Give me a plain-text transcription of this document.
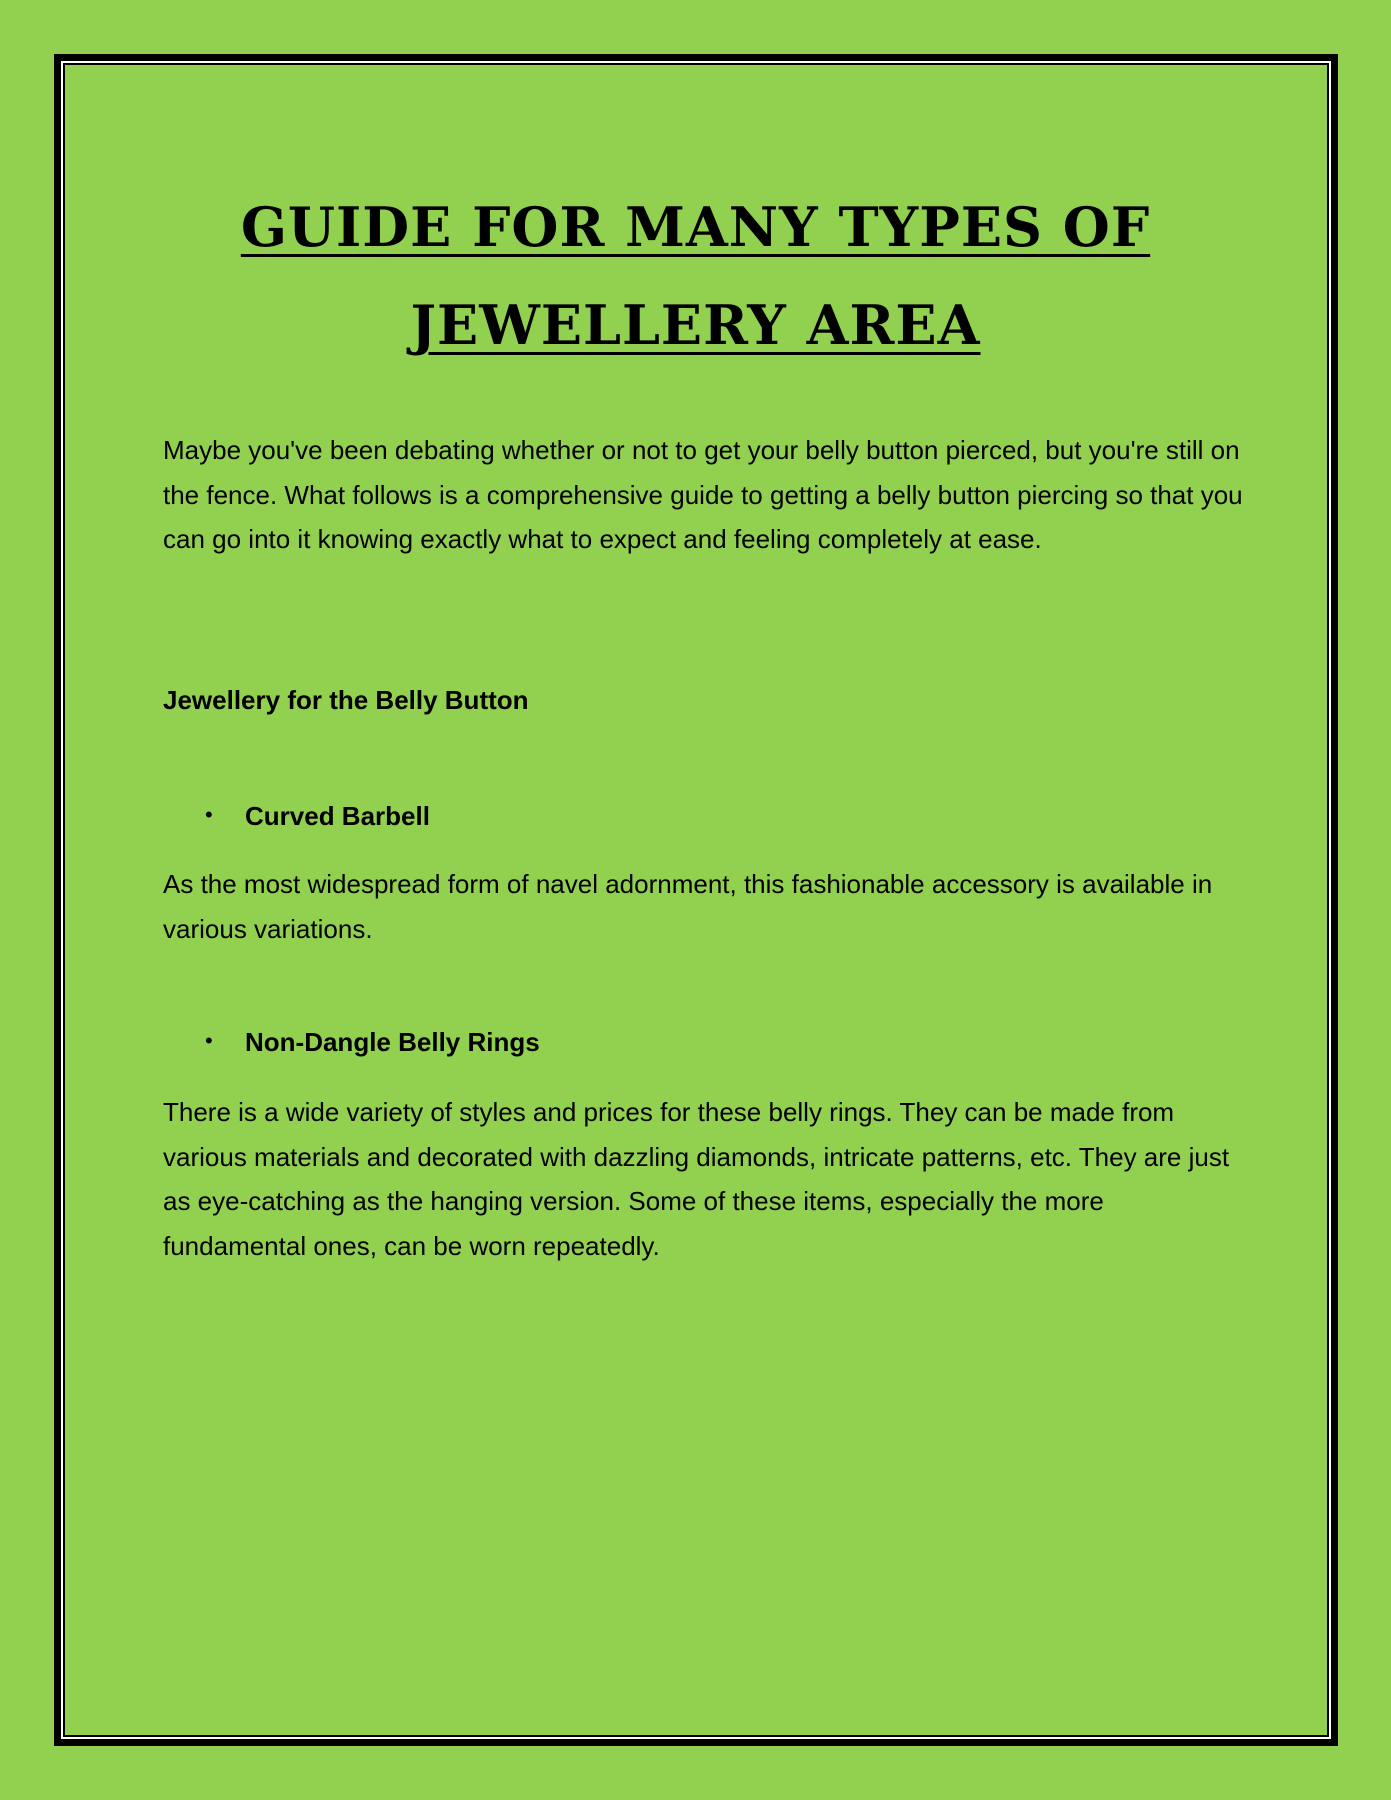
GUIDE FOR MANY TYPES OF
JEWELLERY AREA

Maybe you've been debating whether or not to get your belly button pierced, but you're still on the fence. What follows is a comprehensive guide to getting a belly button piercing so that you can go into it knowing exactly what to expect and feeling completely at ease.

Jewellery for the Belly Button

• Curved Barbell

As the most widespread form of navel adornment, this fashionable accessory is available in various variations.

• Non-Dangle Belly Rings

There is a wide variety of styles and prices for these belly rings. They can be made from various materials and decorated with dazzling diamonds, intricate patterns, etc. They are just as eye-catching as the hanging version. Some of these items, especially the more fundamental ones, can be worn repeatedly.
